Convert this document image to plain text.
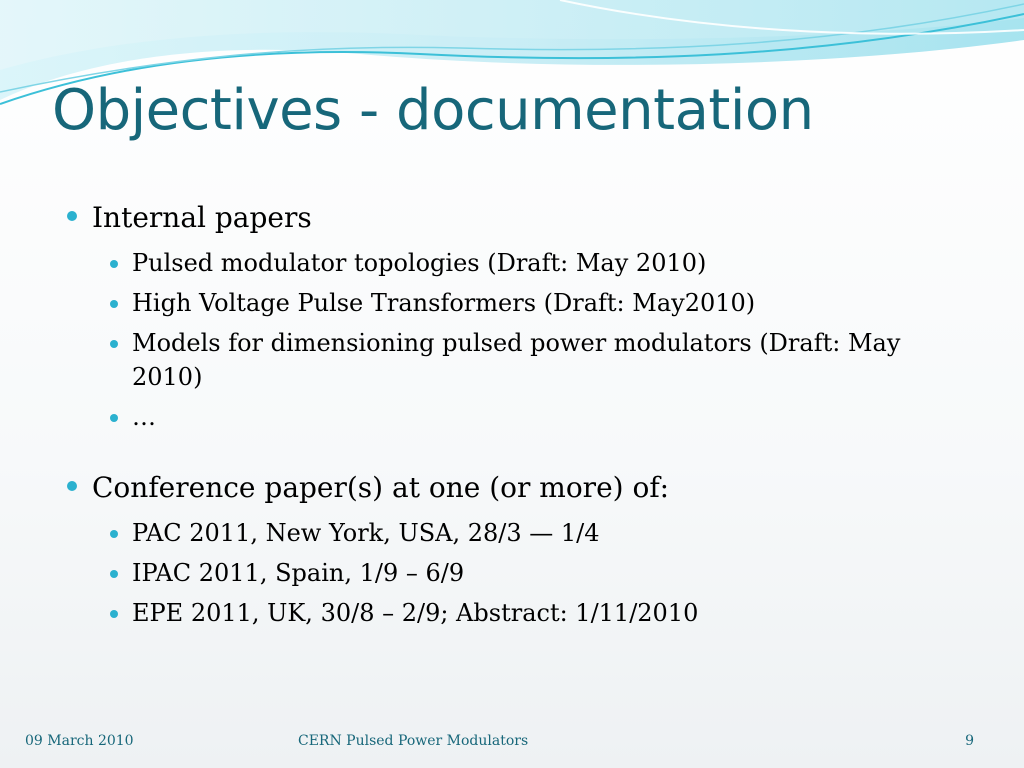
Objectives - documentation
Internal papers
Pulsed modulator topologies (Draft: May 2010)
High Voltage Pulse Transformers (Draft: May2010)
Models for dimensioning pulsed power modulators (Draft: May 2010)
…
Conference paper(s) at one (or more) of:
PAC 2011, New York, USA, 28/3 — 1/4
IPAC 2011, Spain, 1/9 – 6/9
EPE 2011, UK, 30/8 – 2/9; Abstract: 1/11/2010
09 March 2010	CERN Pulsed Power Modulators	9
